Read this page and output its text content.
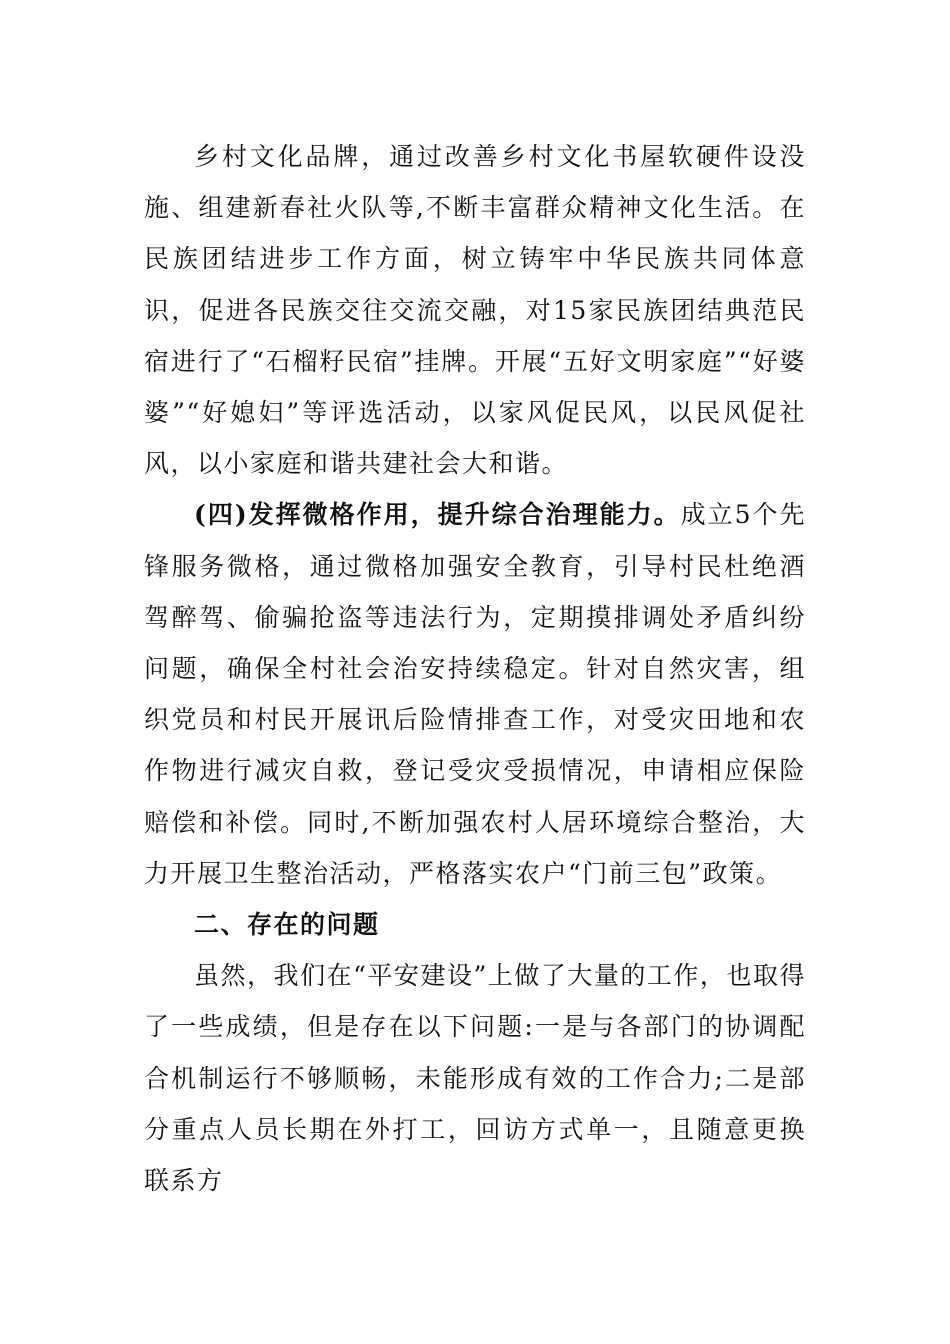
乡村文化品牌，通过改善乡村文化书屋软硬件设没施、组建新春社火队等,不断丰富群众精神文化生活。在民族团结进步工作方面，树立铸牢中华民族共同体意识，促进各民族交往交流交融，对15家民族团结典范民宿进行了“石榴籽民宿”挂牌。开展“五好文明家庭”“好婆婆”“好媳妇”等评选活动，以家风促民风，以民风促社风，以小家庭和谐共建社会大和谐。

(四)发挥微格作用，提升综合治理能力。成立5个先锋服务微格，通过微格加强安全教育，引导村民杜绝酒驾醉驾、偷骗抢盗等违法行为，定期摸排调处矛盾纠纷问题，确保全村社会治安持续稳定。针对自然灾害，组织党员和村民开展讯后险情排查工作，对受灾田地和农作物进行减灾自救，登记受灾受损情况，申请相应保险赔偿和补偿。同时,不断加强农村人居环境综合整治，大力开展卫生整治活动，严格落实农户“门前三包”政策。

二、存在的问题

虽然，我们在“平安建设”上做了大量的工作，也取得了一些成绩，但是存在以下问题:一是与各部门的协调配合机制运行不够顺畅，未能形成有效的工作合力;二是部分重点人员长期在外打工，回访方式单一，且随意更换联系方
